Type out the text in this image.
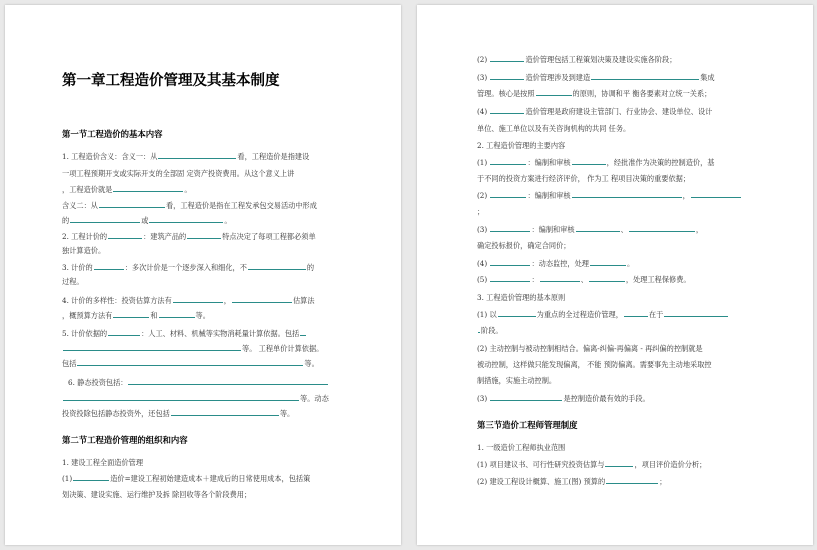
第一章工程造价管理及其基本制度
第一节工程造价的基本内容
1. 工程造价含义：含义一：从	看，工程造价是指建设
一项工程预期开支或实际开支的全部固 定资产投资费用。从这个意义上讲
，工程造价就是	。
含义二：从	看，工程造价是指在工程发承包交易活动中形成
的	或	。
2. 工程计价的	：建筑产品的	特点决定了每项工程都必须单
独计算造价。
3. 计价的	：多次计价是一个逐步深入和细化，不	的
过程。
4. 计价的多样性：投资估算方法有	，	估算法
，概预算方法有	和	等。
5. 计价依据的	：人工、材料、机械等实物消耗量计算依据。包括
等。 工程单价计算依据。
包括	等。
6. 静态投资包括：
等。动态
投资投除包括静态投资外，还包括	等。
第二节工程造价管理的组织和内容
1. 建设工程全面造价管理
(1)	造价=建设工程初始建造成本＋建成后的日常使用成本，包括策
划决策、建设实施、运行维护及拆 除回收等各个阶段费用；
(2)	造价管理包括工程策划决策及建设实施各阶段；
(3)	造价管理涉及到建造	集成
管理。核心是按照	的原则，协调和平 衡各要素对立统一关系；
(4)	造价管理是政府建设主管部门、行业协会、建设单位、设计
单位、施工单位以及有关咨询机构的共同 任务。
2. 工程造价管理的主要内容
(1)	：编制和审核	，经批准作为决策的控制造价，基
于不同的投资方案进行经济评价， 作为工 程项目决策的重要依据；
(2)	：编制和审核	，
；
(3)	：编制和审核	、	，
确定投标报价，确定合同价；
(4)	：动态监控，处理	。
(5)	：	、	，处理工程保修费。
3. 工程造价管理的基本原则
(1) 以	为重点的全过程造价管理，	在于
阶段。
(2) 主动控制与被动控制相结合。偏离-纠偏-再偏离 - 再纠偏的控制就是
被动控制，这样做只能发现偏离， 不能 预防偏离。需要事先主动地采取控
制措施，实施主动控制。
(3)	是控制造价最有效的手段。
第三节造价工程师管理制度
1. 一级造价工程师执业范围
(1) 项目建议书、可行性研究投资估算与	，项目评价造价分析；
(2) 建设工程设计概算、施工(图) 预算的	；
